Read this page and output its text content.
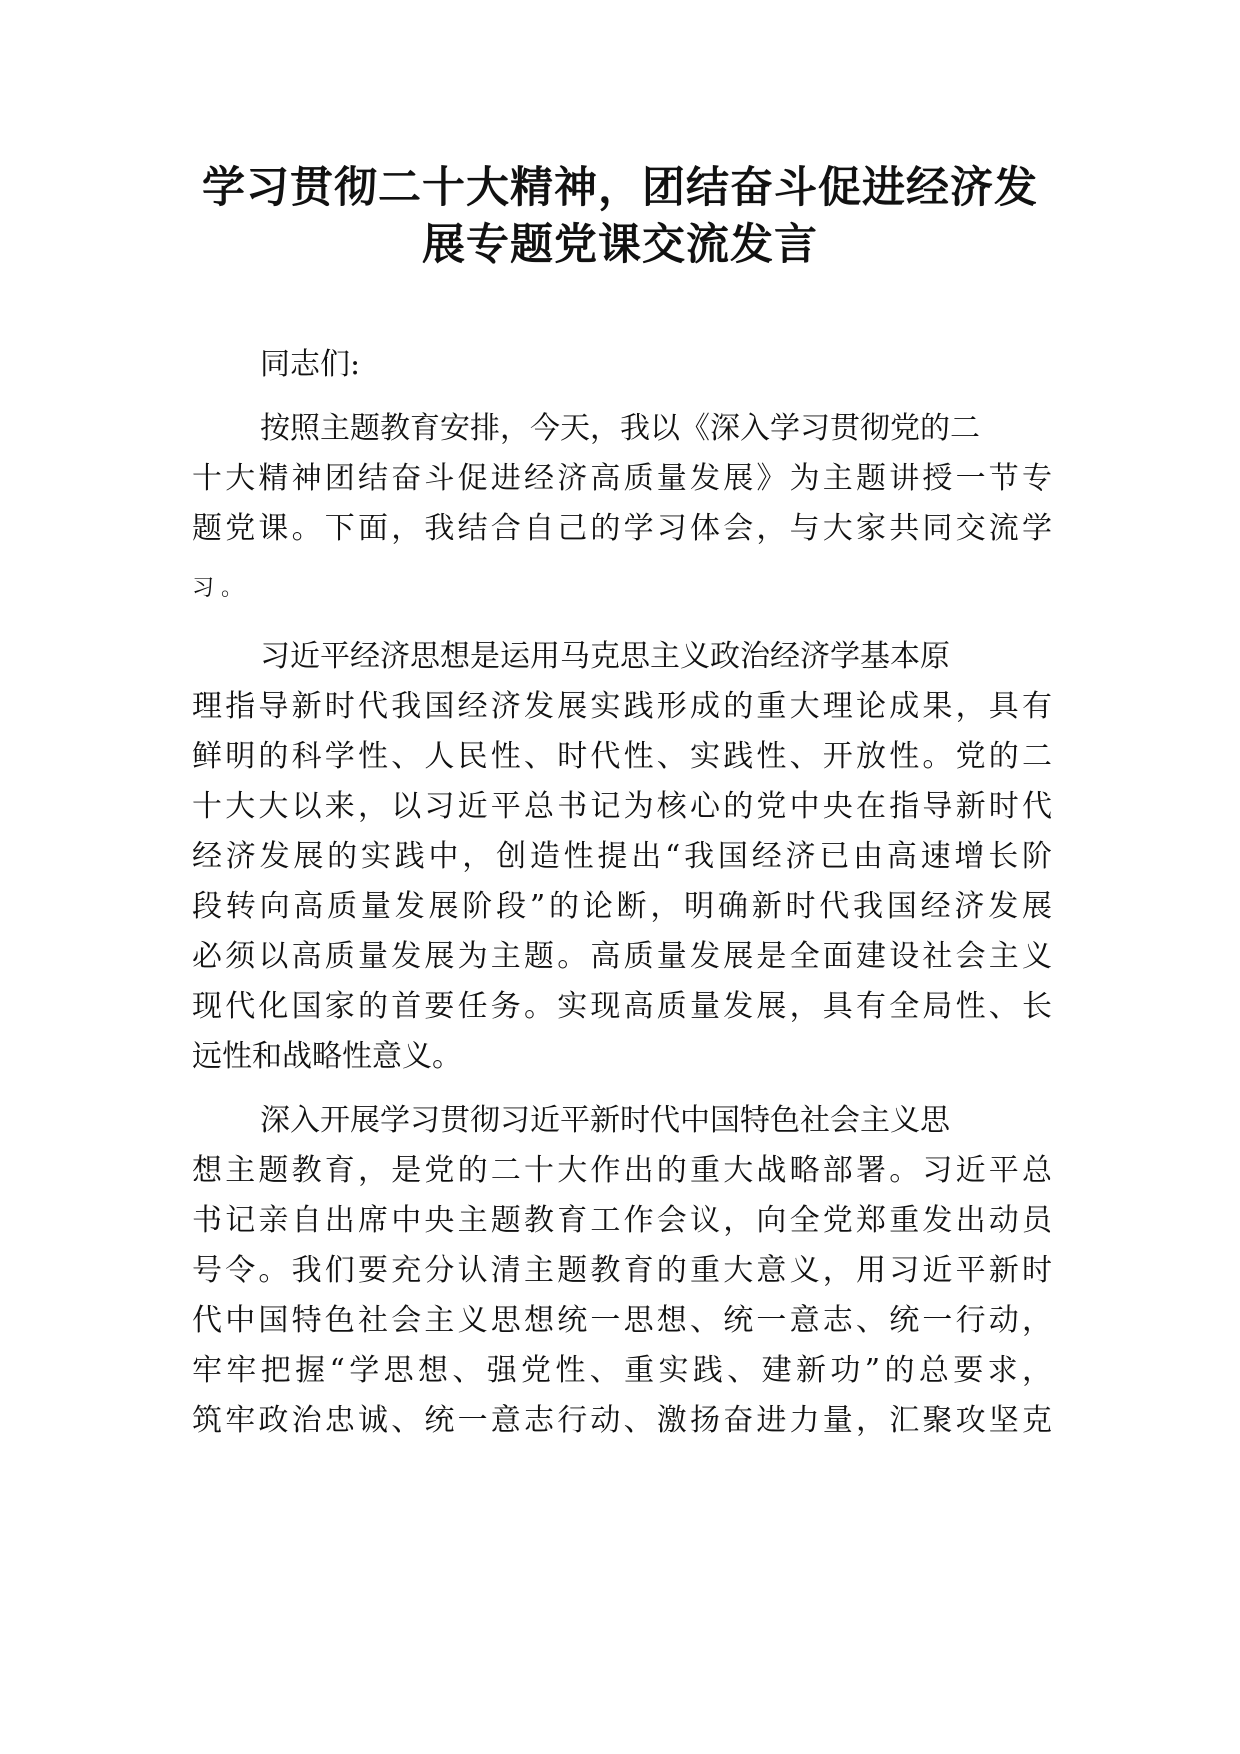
学习贯彻二十大精神，团结奋斗促进经济发
展专题党课交流发言
同志们:
按照主题教育安排，今天，我以《深入学习贯彻党的二
十大精神团结奋斗促进经济高质量发展》为主题讲授一节专
题党课。下面，我结合自己的学习体会，与大家共同交流学
习 。
习近平经济思想是运用马克思主义政治经济学基本原
理指导新时代我国经济发展实践形成的重大理论成果，具有
鲜明的科学性、人民性、时代性、实践性、开放性。党的二
十大大以来，以习近平总书记为核心的党中央在指导新时代
经济发展的实践中，创造性提出“我国经济已由高速增长阶
段转向高质量发展阶段”的论断，明确新时代我国经济发展
必须以高质量发展为主题。高质量发展是全面建设社会主义
现代化国家的首要任务。实现高质量发展，具有全局性、长
远性和战略性意义。
深入开展学习贯彻习近平新时代中国特色社会主义思
想主题教育，是党的二十大作出的重大战略部署。习近平总
书记亲自出席中央主题教育工作会议，向全党郑重发出动员
号令。我们要充分认清主题教育的重大意义，用习近平新时
代中国特色社会主义思想统一思想、统一意志、统一行动，
牢牢把握“学思想、强党性、重实践、建新功”的总要求，
筑牢政治忠诚、统一意志行动、激扬奋进力量，汇聚攻坚克
